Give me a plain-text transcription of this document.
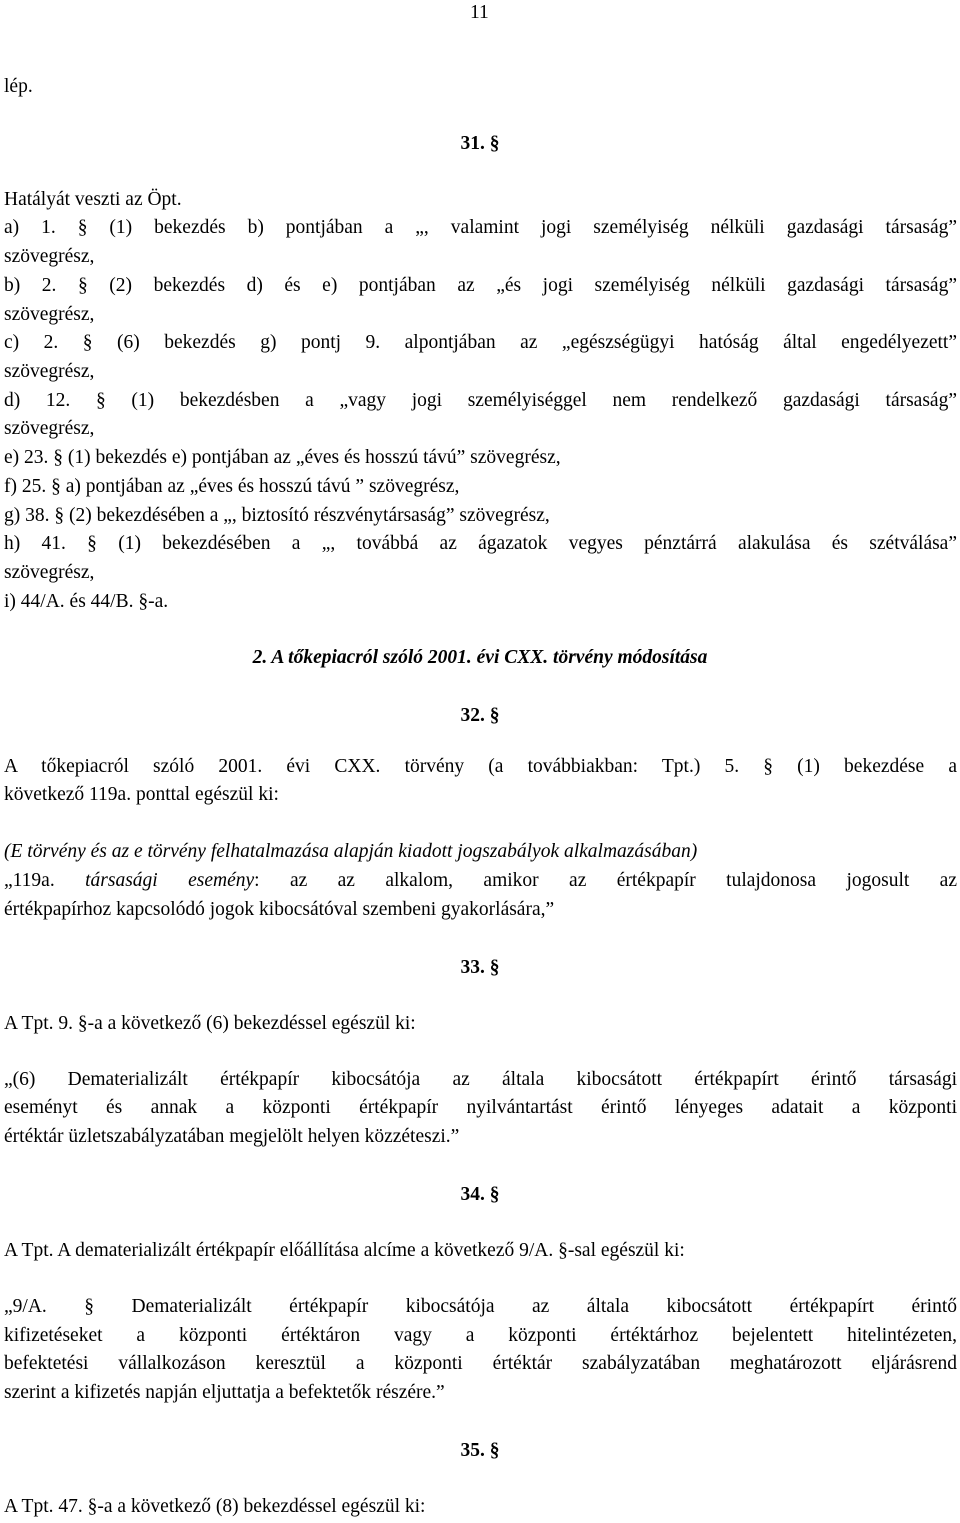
11
lép.
31. §
Hatályát veszti az Öpt.
a) 1. § (1) bekezdés b) pontjában a „, valamint jogi személyiség nélküli gazdasági társaság”
szövegrész,
b) 2. § (2) bekezdés d) és e) pontjában az „és jogi személyiség nélküli gazdasági társaság”
szövegrész,
c) 2. § (6) bekezdés g) pontj 9. alpontjában az „egészségügyi hatóság által engedélyezett”
szövegrész,
d) 12. § (1) bekezdésben a „vagy jogi személyiséggel nem rendelkező gazdasági társaság”
szövegrész,
e) 23. § (1) bekezdés e) pontjában az „éves és hosszú távú” szövegrész,
f) 25. § a) pontjában az „éves és hosszú távú ” szövegrész,
g) 38. § (2) bekezdésében a „, biztosító részvénytársaság” szövegrész,
h) 41. § (1) bekezdésében a „, továbbá az ágazatok vegyes pénztárrá alakulása és szétválása”
szövegrész,
i) 44/A. és 44/B. §-a.
2. A tőkepiacról szóló 2001. évi CXX. törvény módosítása
32. §
A tőkepiacról szóló 2001. évi CXX. törvény (a továbbiakban: Tpt.) 5. § (1) bekezdése a
következő 119a. ponttal egészül ki:
(E törvény és az e törvény felhatalmazása alapján kiadott jogszabályok alkalmazásában)
„119a. társasági esemény: az az alkalom, amikor az értékpapír tulajdonosa jogosult az
értékpapírhoz kapcsolódó jogok kibocsátóval szembeni gyakorlására,”
33. §
A Tpt. 9. §-a a következő (6) bekezdéssel egészül ki:
„(6) Dematerializált értékpapír kibocsátója az általa kibocsátott értékpapírt érintő társasági
eseményt és annak a központi értékpapír nyilvántartást érintő lényeges adatait a központi
értéktár üzletszabályzatában megjelölt helyen közzéteszi.”
34. §
A Tpt. A dematerializált értékpapír előállítása alcíme a következő 9/A. §-sal egészül ki:
„9/A. § Dematerializált értékpapír kibocsátója az általa kibocsátott értékpapírt érintő
kifizetéseket a központi értéktáron vagy a központi értéktárhoz bejelentett hitelintézeten,
befektetési vállalkozáson keresztül a központi értéktár szabályzatában meghatározott eljárásrend
szerint a kifizetés napján eljuttatja a befektetők részére.”
35. §
A Tpt. 47. §-a a következő (8) bekezdéssel egészül ki:
